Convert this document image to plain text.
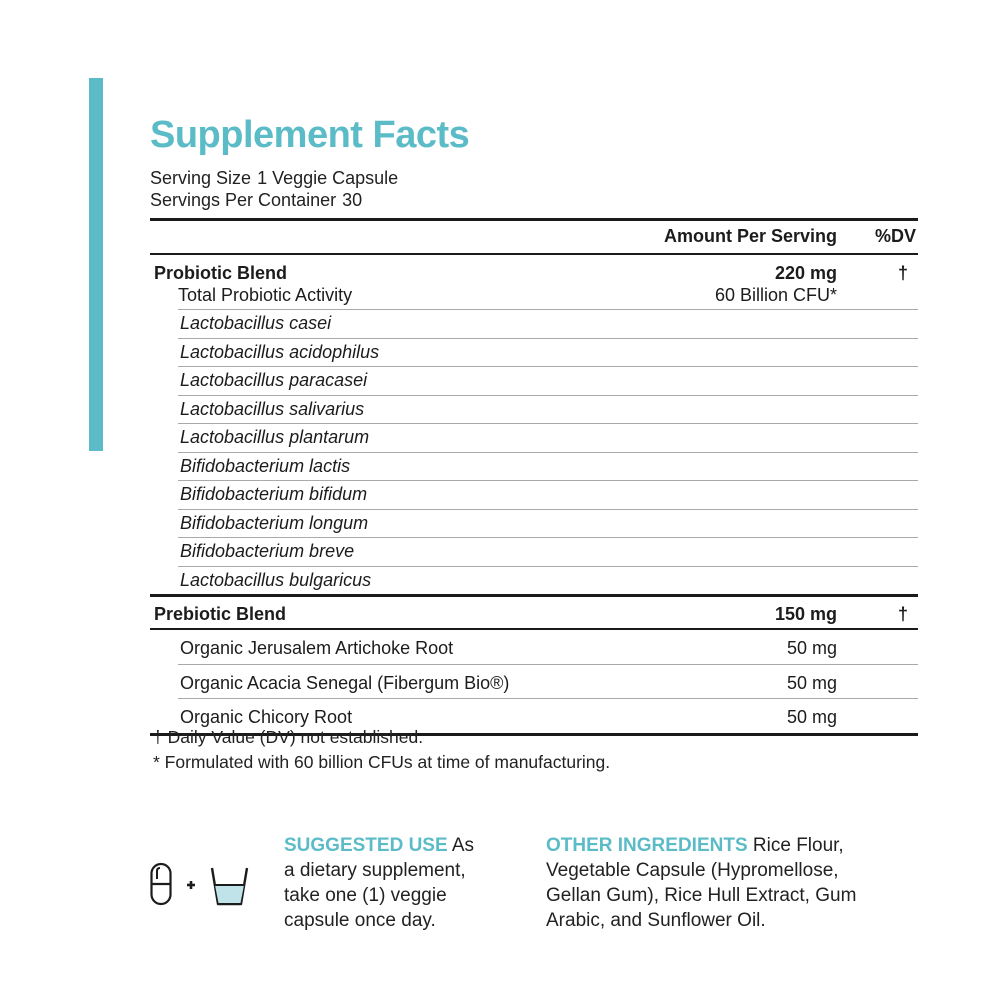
Supplement Facts
Serving Size 1 Veggie Capsule
Servings Per Container 30
Amount Per Serving %DV
Probiotic Blend	220 mg	†
Total Probiotic Activity	60 Billion CFU*
Lactobacillus casei
Lactobacillus acidophilus
Lactobacillus paracasei
Lactobacillus salivarius
Lactobacillus plantarum
Bifidobacterium lactis
Bifidobacterium bifidum
Bifidobacterium longum
Bifidobacterium breve
Lactobacillus bulgaricus
Prebiotic Blend	150 mg	†
Organic Jerusalem Artichoke Root	50 mg
Organic Acacia Senegal (Fibergum Bio®)	50 mg
Organic Chicory Root	50 mg
† Daily Value (DV) not established.
* Formulated with 60 billion CFUs at time of manufacturing.
SUGGESTED USE As
a dietary supplement,
take one (1) veggie
capsule once day.
OTHER INGREDIENTS Rice Flour,
Vegetable Capsule (Hypromellose,
Gellan Gum), Rice Hull Extract, Gum
Arabic, and Sunflower Oil.
